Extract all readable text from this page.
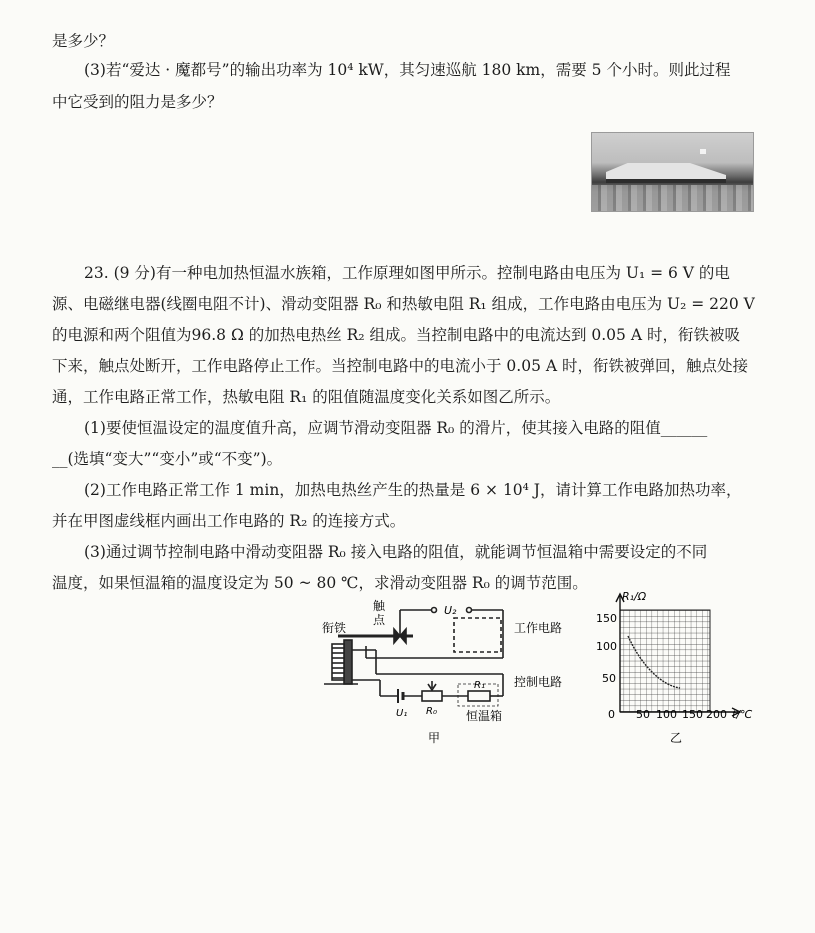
是多少？
(3)若“爱达 · 魔都号”的输出功率为 10⁴ kW，其匀速巡航 180 km，需要 5 个小时。则此过程
中它受到的阻力是多少？
23. (9 分)有一种电加热恒温水族箱，工作原理如图甲所示。控制电路由电压为 U₁ = 6 V 的电
源、电磁继电器(线圈电阻不计)、滑动变阻器 R₀ 和热敏电阻 R₁ 组成，工作电路由电压为 U₂ = 220 V
的电源和两个阻值为96.8 Ω 的加热电热丝 R₂ 组成。当控制电路中的电流达到 0.05 A 时，衔铁被吸
下来，触点处断开，工作电路停止工作。当控制电路中的电流小于 0.05 A 时，衔铁被弹回，触点处接
通，工作电路正常工作，热敏电阻 R₁ 的阻值随温度变化关系如图乙所示。
(1)要使恒温设定的温度值升高，应调节滑动变阻器 R₀ 的滑片，使其接入电路的阻值______
__(选填“变大”“变小”或“不变”)。
(2)工作电路正常工作 1 min，加热电热丝产生的热量是 6 × 10⁴ J，请计算工作电路加热功率，
并在甲图虚线框内画出工作电路的 R₂ 的连接方式。
(3)通过调节控制电路中滑动变阻器 R₀ 接入电路的阻值，就能调节恒温箱中需要设定的不同
温度，如果恒温箱的温度设定为 50 ~ 80 ℃，求滑动变阻器 R₀ 的调节范围。
触
点
衔铁
U₂
工作电路
控制电路
U₁ R₀
R₁
恒温箱
甲
R₁/Ω
150
100
50
0 50 100 150 200 t/℃
乙
